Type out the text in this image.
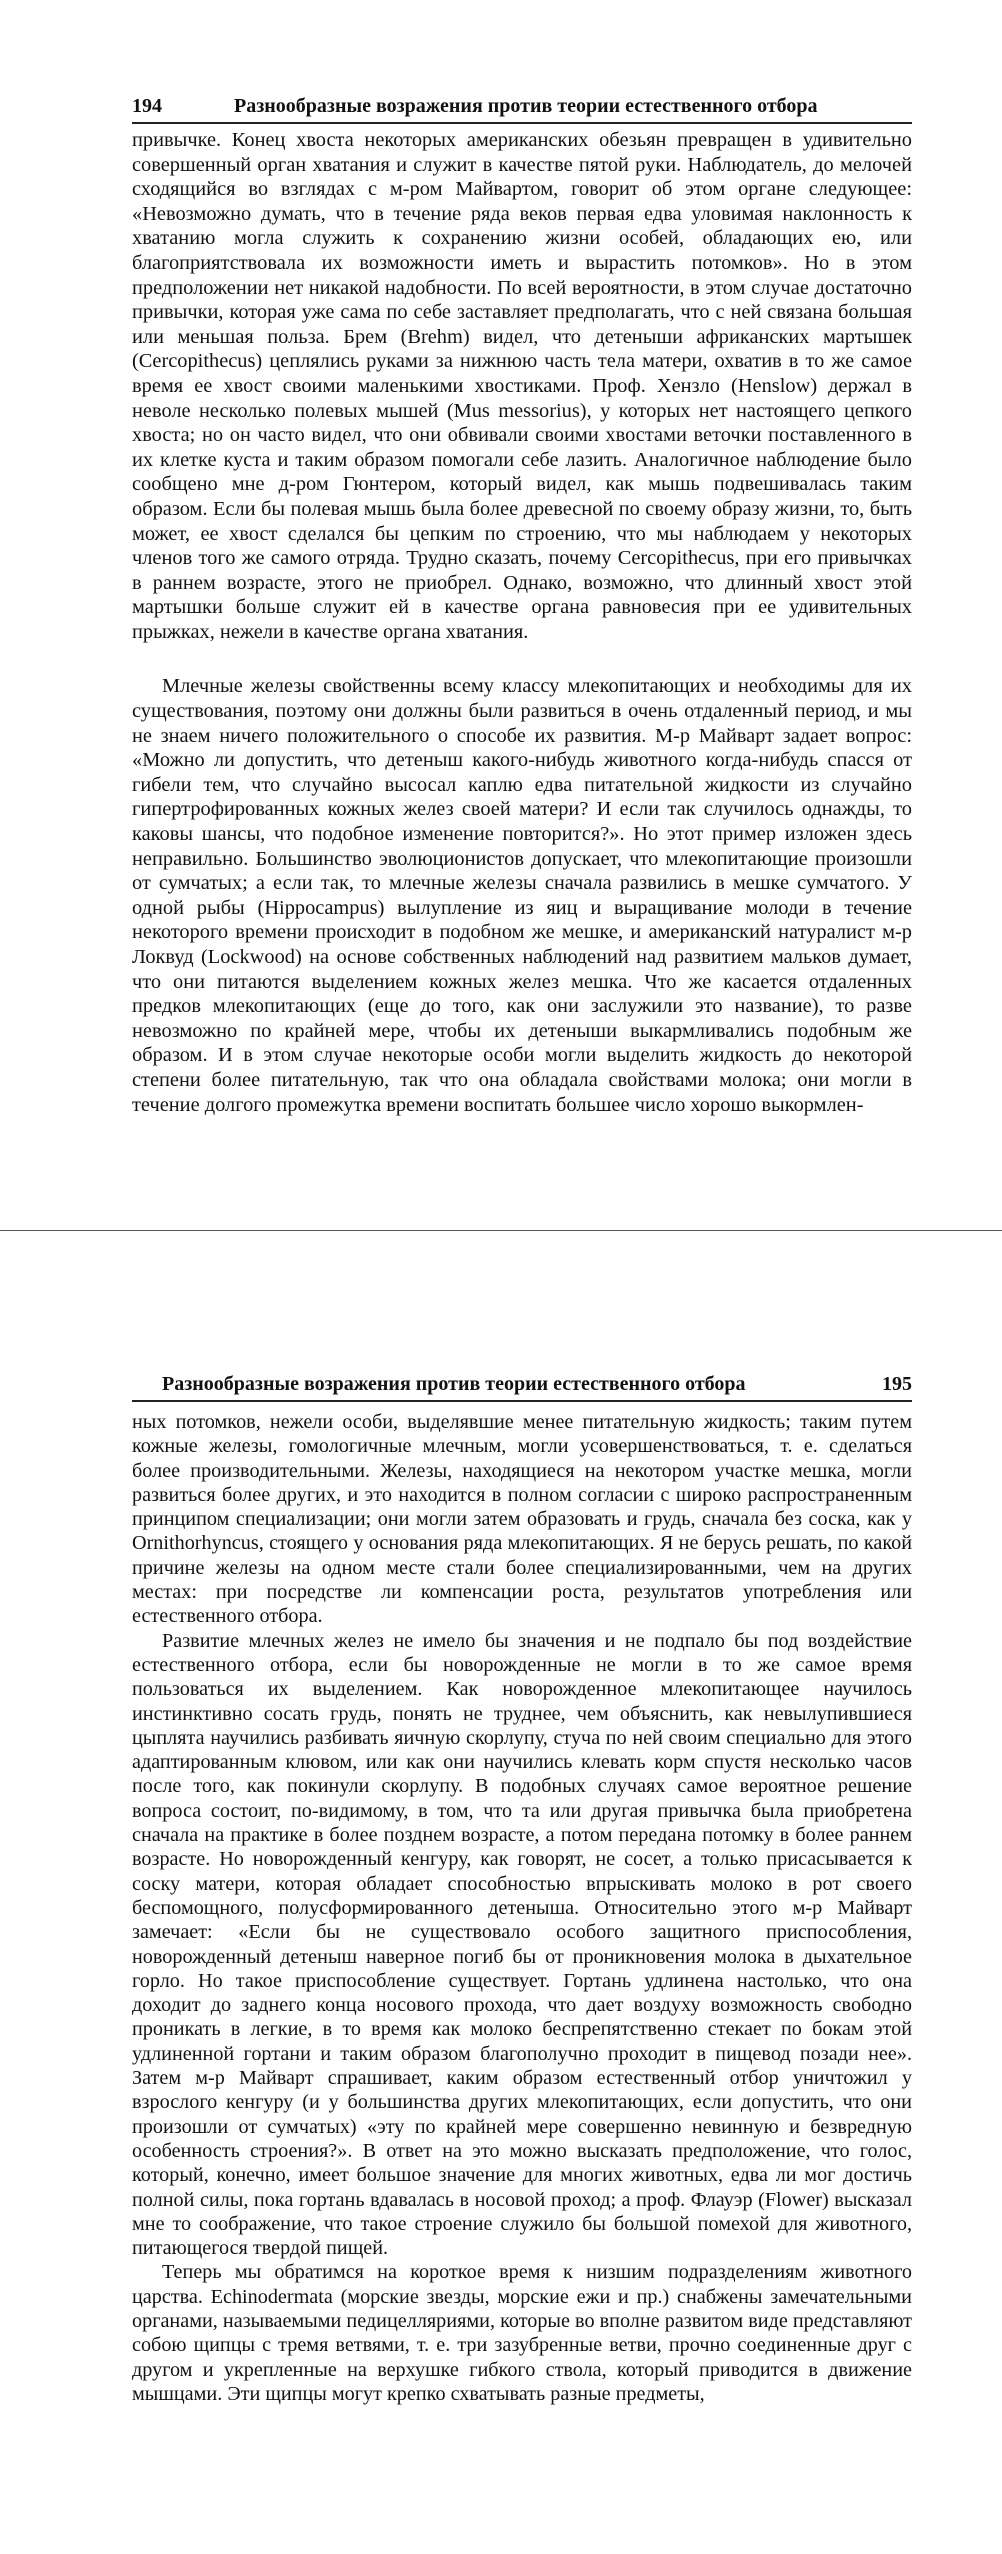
194	Разнообразные возражения против теории естественного отбора

привычке. Конец хвоста некоторых американских обезьян превращен в удивительно совершенный орган хватания и служит в качестве пятой руки. Наблюдатель, до мелочей сходящийся во взглядах с м-ром Майвартом, говорит об этом органе следующее: «Невозможно думать, что в течение ряда веков первая едва уловимая наклонность к хватанию могла служить к сохранению жизни особей, обладающих ею, или благоприятствовала их возможности иметь и вырастить потомков». Но в этом предположении нет никакой надобности. По всей вероятности, в этом случае достаточно привычки, которая уже сама по себе заставляет предполагать, что с ней связана большая или меньшая польза. Брем (Brehm) видел, что детеныши африканских мартышек (Cercopithecus) цеплялись руками за нижнюю часть тела матери, охватив в то же самое время ее хвост своими маленькими хвостиками. Проф. Хензло (Henslow) держал в неволе несколько полевых мышей (Mus messorius), у которых нет настоящего цепкого хвоста; но он часто видел, что они обвивали своими хвостами веточки поставленного в их клетке куста и таким образом помогали себе лазить. Аналогичное наблюдение было сообщено мне д-ром Гюнтером, который видел, как мышь подвешивалась таким образом. Если бы полевая мышь была более древесной по своему образу жизни, то, быть может, ее хвост сделался бы цепким по строению, что мы наблюдаем у некоторых членов того же самого отряда. Трудно сказать, почему Cercopithecus, при его привычках в раннем возрасте, этого не приобрел. Однако, возможно, что длинный хвост этой мартышки больше служит ей в качестве органа равновесия при ее удивительных прыжках, нежели в качестве органа хватания.

Млечные железы свойственны всему классу млекопитающих и необходимы для их существования, поэтому они должны были развиться в очень отдаленный период, и мы не знаем ничего положительного о способе их развития. М-р Майварт задает вопрос: «Можно ли допустить, что детеныш какого-нибудь животного когда-нибудь спасся от гибели тем, что случайно высосал каплю едва питательной жидкости из случайно гипертрофированных кожных желез своей матери? И если так случилось однажды, то каковы шансы, что подобное изменение повторится?». Но этот пример изложен здесь неправильно. Большинство эволюционистов допускает, что млекопитающие произошли от сумчатых; а если так, то млечные железы сначала развились в мешке сумчатого. У одной рыбы (Hippocampus) вылупление из яиц и выращивание молоди в течение некоторого времени происходит в подобном же мешке, и американский натуралист м-р Локвуд (Lockwood) на основе собственных наблюдений над развитием мальков думает, что они питаются выделением кожных желез мешка. Что же касается отдаленных предков млекопитающих (еще до того, как они заслужили это название), то разве невозможно по крайней мере, чтобы их детеныши выкармливались подобным же образом. И в этом случае некоторые особи могли выделить жидкость до некоторой степени более питательную, так что она обладала свойствами молока; они могли в течение долгого промежутка времени воспитать большее число хорошо выкормлен-

Разнообразные возражения против теории естественного отбора	195

ных потомков, нежели особи, выделявшие менее питательную жидкость; таким путем кожные железы, гомологичные млечным, могли усовершенствоваться, т. е. сделаться более производительными. Железы, находящиеся на некотором участке мешка, могли развиться более других, и это находится в полном согласии с широко распространенным принципом специализации; они могли затем образовать и грудь, сначала без соска, как у Ornithorhyncus, стоящего у основания ряда млекопитающих. Я не берусь решать, по какой причине железы на одном месте стали более специализированными, чем на других местах: при посредстве ли компенсации роста, результатов употребления или естественного отбора.

Развитие млечных желез не имело бы значения и не подпало бы под воздействие естественного отбора, если бы новорожденные не могли в то же самое время пользоваться их выделением. Как новорожденное млекопитающее научилось инстинктивно сосать грудь, понять не труднее, чем объяснить, как невылупившиеся цыплята научились разбивать яичную скорлупу, стуча по ней своим специально для этого адаптированным клювом, или как они научились клевать корм спустя несколько часов после того, как покинули скорлупу. В подобных случаях самое вероятное решение вопроса состоит, по-видимому, в том, что та или другая привычка была приобретена сначала на практике в более позднем возрасте, а потом передана потомку в более раннем возрасте. Но новорожденный кенгуру, как говорят, не сосет, а только присасывается к соску матери, которая обладает способностью впрыскивать молоко в рот своего беспомощного, полусформированного детеныша. Относительно этого м-р Майварт замечает: «Если бы не существовало особого защитного приспособления, новорожденный детеныш наверное погиб бы от проникновения молока в дыхательное горло. Но такое приспособление существует. Гортань удлинена настолько, что она доходит до заднего конца носового прохода, что дает воздуху возможность свободно проникать в легкие, в то время как молоко беспрепятственно стекает по бокам этой удлиненной гортани и таким образом благополучно проходит в пищевод позади нее». Затем м-р Майварт спрашивает, каким образом естественный отбор уничтожил у взрослого кенгуру (и у большинства других млекопитающих, если допустить, что они произошли от сумчатых) «эту по крайней мере совершенно невинную и безвредную особенность строения?». В ответ на это можно высказать предположение, что голос, который, конечно, имеет большое значение для многих животных, едва ли мог достичь полной силы, пока гортань вдавалась в носовой проход; а проф. Флауэр (Flower) высказал мне то соображение, что такое строение служило бы большой помехой для животного, питающегося твердой пищей.

Теперь мы обратимся на короткое время к низшим подразделениям животного царства. Echinodermata (морские звезды, морские ежи и пр.) снабжены замечательными органами, называемыми педицелляриями, которые во вполне развитом виде представляют собою щипцы с тремя ветвями, т. е. три зазубренные ветви, прочно соединенные друг с другом и укрепленные на верхушке гибкого ствола, который приводится в движение мышцами. Эти щипцы могут крепко схватывать разные предметы,
